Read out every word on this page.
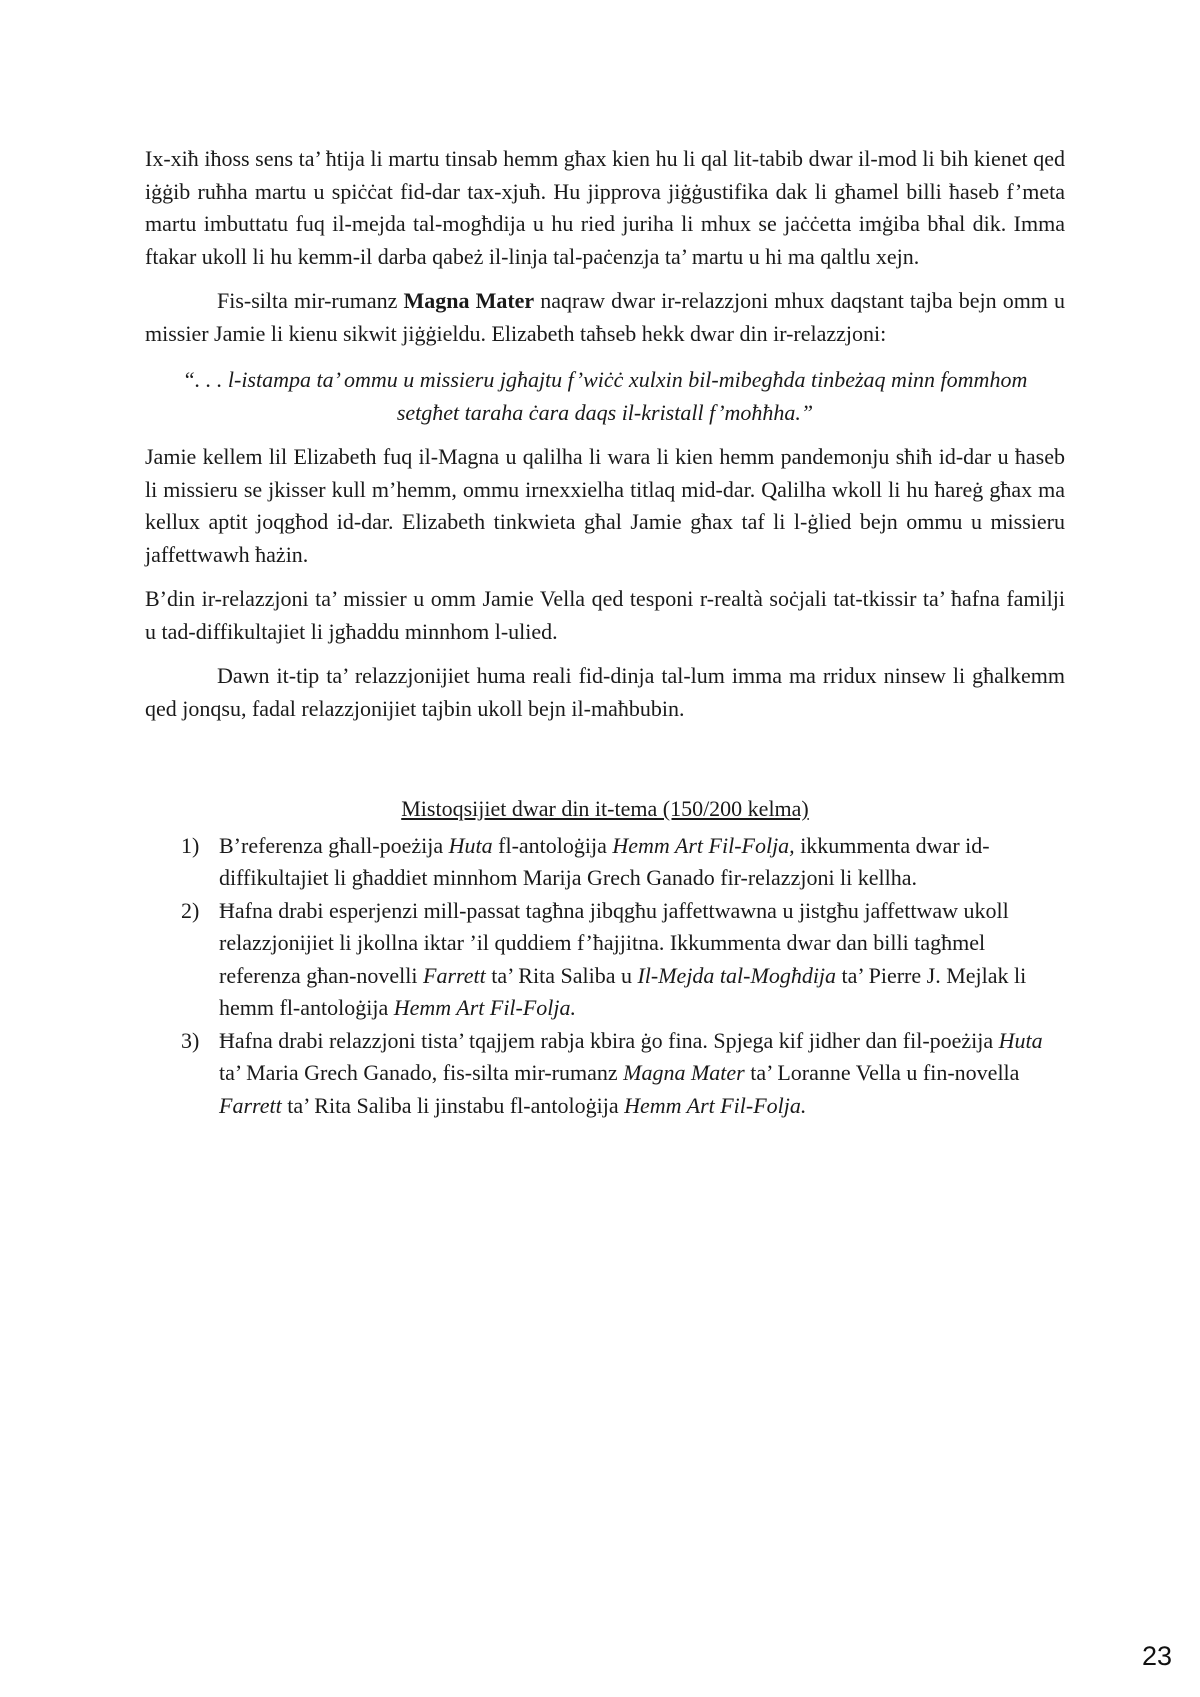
Ix-xiħ iħoss sens ta’ ħtija li martu tinsab hemm għax kien hu li qal lit-tabib dwar il-mod li bih kienet qed iġġib ruħha martu u spiċċat fid-dar tax-xjuħ. Hu jipprova jiġġustifika dak li għamel billi ħaseb f’meta martu imbuttatu fuq il-mejda tal-mogħdija u hu ried juriha li mhux se jaċċetta imġiba bħal dik. Imma ftakar ukoll li hu kemm-il darba qabeż il-linja tal-paċenzja ta’ martu u hi ma qaltlu xejn.

Fis-silta mir-rumanz Magna Mater naqraw dwar ir-relazzjoni mhux daqstant tajba bejn omm u missier Jamie li kienu sikwit jiġġieldu. Elizabeth taħseb hekk dwar din ir-relazzjoni:

“. . . l-istampa ta’ ommu u missieru jgħajtu f’wiċċ xulxin bil-mibegħda tinbeżaq minn fommhom setgħet taraha ċara daqs il-kristall f’moħħha.”

Jamie kellem lil Elizabeth fuq il-Magna u qalilha li wara li kien hemm pandemonju sħiħ id-dar u ħaseb li missieru se jkisser kull m’hemm, ommu irnexxielha titlaq mid-dar. Qalilha wkoll li hu ħareġ għax ma kellux aptit joqgħod id-dar. Elizabeth tinkwieta għal Jamie għax taf li l-ġlied bejn ommu u missieru jaffettwawh ħażin.

B’din ir-relazzjoni ta’ missier u omm Jamie Vella qed tesponi r-realtà soċjali tat-tkissir ta’ ħafna familji u tad-diffikultajiet li jgħaddu minnhom l-ulied.

Dawn it-tip ta’ relazzjonijiet huma reali fid-dinja tal-lum imma ma rridux ninsew li għalkemm qed jonqsu, fadal relazzjonijiet tajbin ukoll bejn il-maħbubin.

Mistoqsijiet dwar din it-tema (150/200 kelma)

1) B’referenza għall-poeżija Huta fl-antoloġija Hemm Art Fil-Folja, ikkummenta dwar id-diffikultajiet li għaddiet minnhom Marija Grech Ganado fir-relazzjoni li kellha.
2) Ħafna drabi esperjenzi mill-passat tagħna jibqgħu jaffettwawna u jistgħu jaffettwaw ukoll relazzjonijiet li jkollna iktar ’il quddiem f’ħajjitna. Ikkummenta dwar dan billi tagħmel referenza għan-novelli Farrett ta’ Rita Saliba u Il-Mejda tal-Mogħdija ta’ Pierre J. Mejlak li hemm fl-antoloġija Hemm Art Fil-Folja.
3) Ħafna drabi relazzjoni tista’ tqajjem rabja kbira ġo fina. Spjega kif jidher dan fil-poeżija Huta ta’ Maria Grech Ganado, fis-silta mir-rumanz Magna Mater ta’ Loranne Vella u fin-novella Farrett ta’ Rita Saliba li jinstabu fl-antoloġija Hemm Art Fil-Folja.
23
